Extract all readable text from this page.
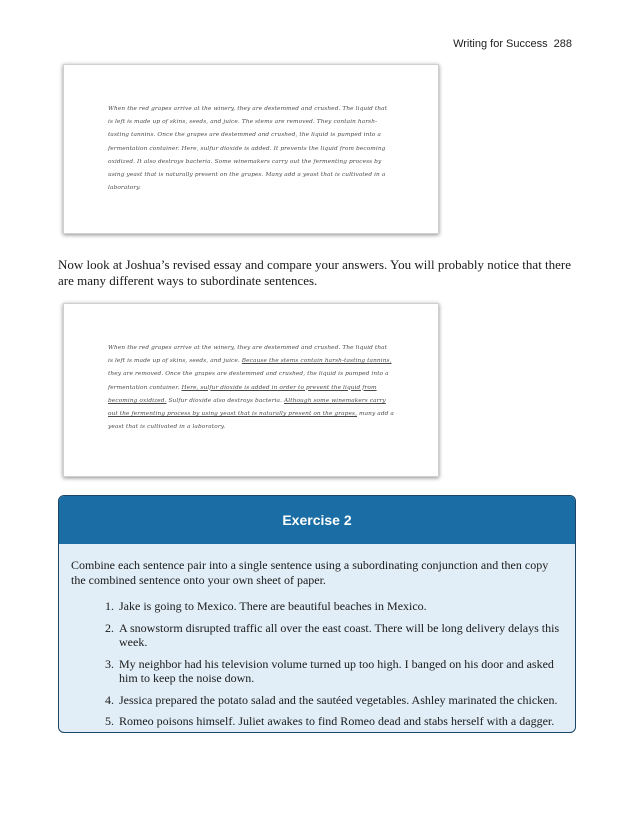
Writing for Success 288
When the red grapes arrive at the winery, they are destemmed and crushed. The liquid that is left is made up of skins, seeds, and juice. The stems are removed. They contain harsh-tasting tannins. Once the grapes are destemmed and crushed, the liquid is pumped into a fermentation container. Here, sulfur dioxide is added. It prevents the liquid from becoming oxidized. It also destroys bacteria. Some winemakers carry out the fermenting process by using yeast that is naturally present on the grapes. Many add a yeast that is cultivated in a laboratory.

Now look at Joshua’s revised essay and compare your answers. You will probably notice that there are many different ways to subordinate sentences.

When the red grapes arrive at the winery, they are destemmed and crushed. The liquid that is left is made up of skins, seeds, and juice. Because the stems contain harsh-tasting tannins, they are removed. Once the grapes are destemmed and crushed, the liquid is pumped into a fermentation container. Here, sulfur dioxide is added in order to prevent the liquid from becoming oxidized. Sulfur dioxide also destroys bacteria. Although some winemakers carry out the fermenting process by using yeast that is naturally present on the grapes, many add a yeast that is cultivated in a laboratory.
Exercise 2

Combine each sentence pair into a single sentence using a subordinating conjunction and then copy the combined sentence onto your own sheet of paper.

1. Jake is going to Mexico. There are beautiful beaches in Mexico.
2. A snowstorm disrupted traffic all over the east coast. There will be long delivery delays this week.
3. My neighbor had his television volume turned up too high. I banged on his door and asked him to keep the noise down.
4. Jessica prepared the potato salad and the sautéed vegetables. Ashley marinated the chicken.
5. Romeo poisons himself. Juliet awakes to find Romeo dead and stabs herself with a dagger.
